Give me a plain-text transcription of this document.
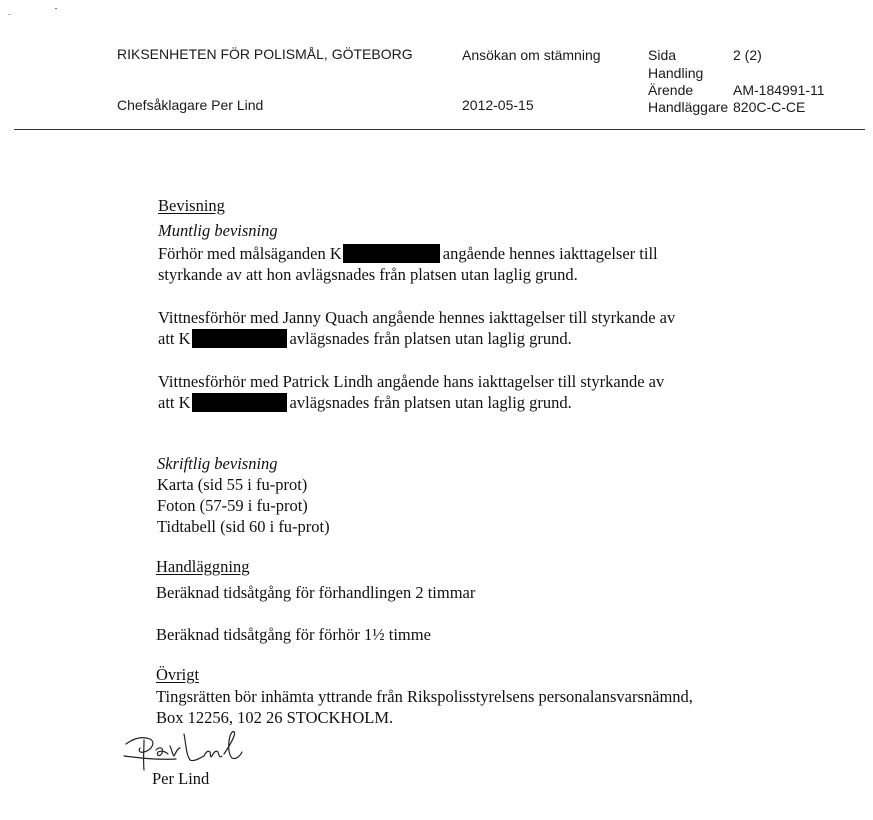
RIKSENHETEN FÖR POLISMÅL, GÖTEBORG
Chefsåklagare Per Lind
Ansökan om stämning
2012-05-15
Sida	2 (2)
Handling
Ärende	AM-184991-11
Handläggare 820C-C-CE
Bevisning
Muntlig bevisning
Förhör med målsäganden K	angående hennes iakttagelser till
styrkande av att hon avlägsnades från platsen utan laglig grund.
Vittnesförhör med Janny Quach angående hennes iakttagelser till styrkande av
att K	avlägsnades från platsen utan laglig grund.
Vittnesförhör med Patrick Lindh angående hans iakttagelser till styrkande av
att K	avlägsnades från platsen utan laglig grund.
Skriftlig bevisning
Karta (sid 55 i fu-prot)
Foton (57-59 i fu-prot)
Tidtabell (sid 60 i fu-prot)
Handläggning
Beräknad tidsåtgång för förhandlingen 2 timmar
Beräknad tidsåtgång för förhör 1½ timme
Övrigt
Tingsrätten bör inhämta yttrande från Rikspolisstyrelsens personalansvarsnämnd,
Box 12256, 102 26 STOCKHOLM.
Per Lind
